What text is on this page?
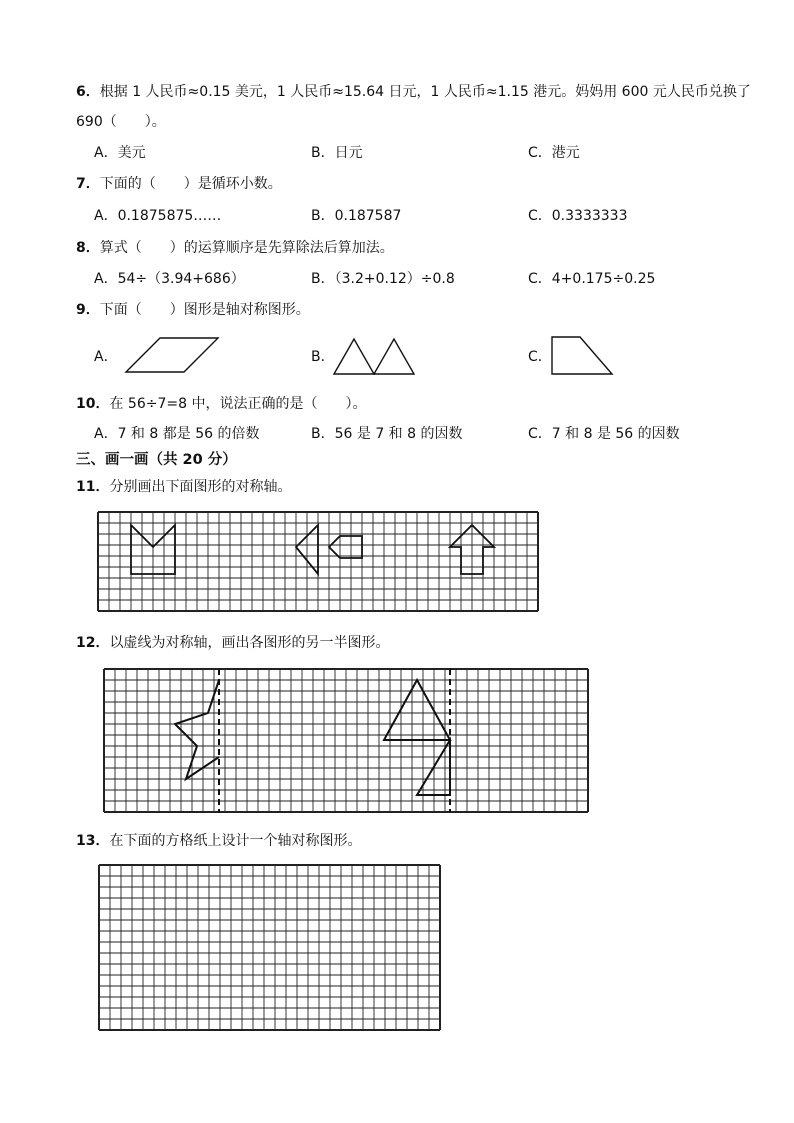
6．根据 1 人民币≈0.15 美元，1 人民币≈15.64 日元，1 人民币≈1.15 港元。妈妈用 600 元人民币兑换了
690（　　）。
A．美元	B．日元	C．港元
7．下面的（　　）是循环小数。
A．0.1875875……	B．0.187587	C．0.3333333
8．算式（　　）的运算顺序是先算除法后算加法。
A．54÷（3.94+686）	B．（3.2+0.12）÷0.8	C．4+0.175÷0.25
9．下面（　　）图形是轴对称图形。
A．	B．	C．
10．在 56÷7=8 中，说法正确的是（　　）。
A．7 和 8 都是 56 的倍数	B．56 是 7 和 8 的因数	C．7 和 8 是 56 的因数
三、画一画（共 20 分）
11．分别画出下面图形的对称轴。
12．以虚线为对称轴，画出各图形的另一半图形。
13．在下面的方格纸上设计一个轴对称图形。
